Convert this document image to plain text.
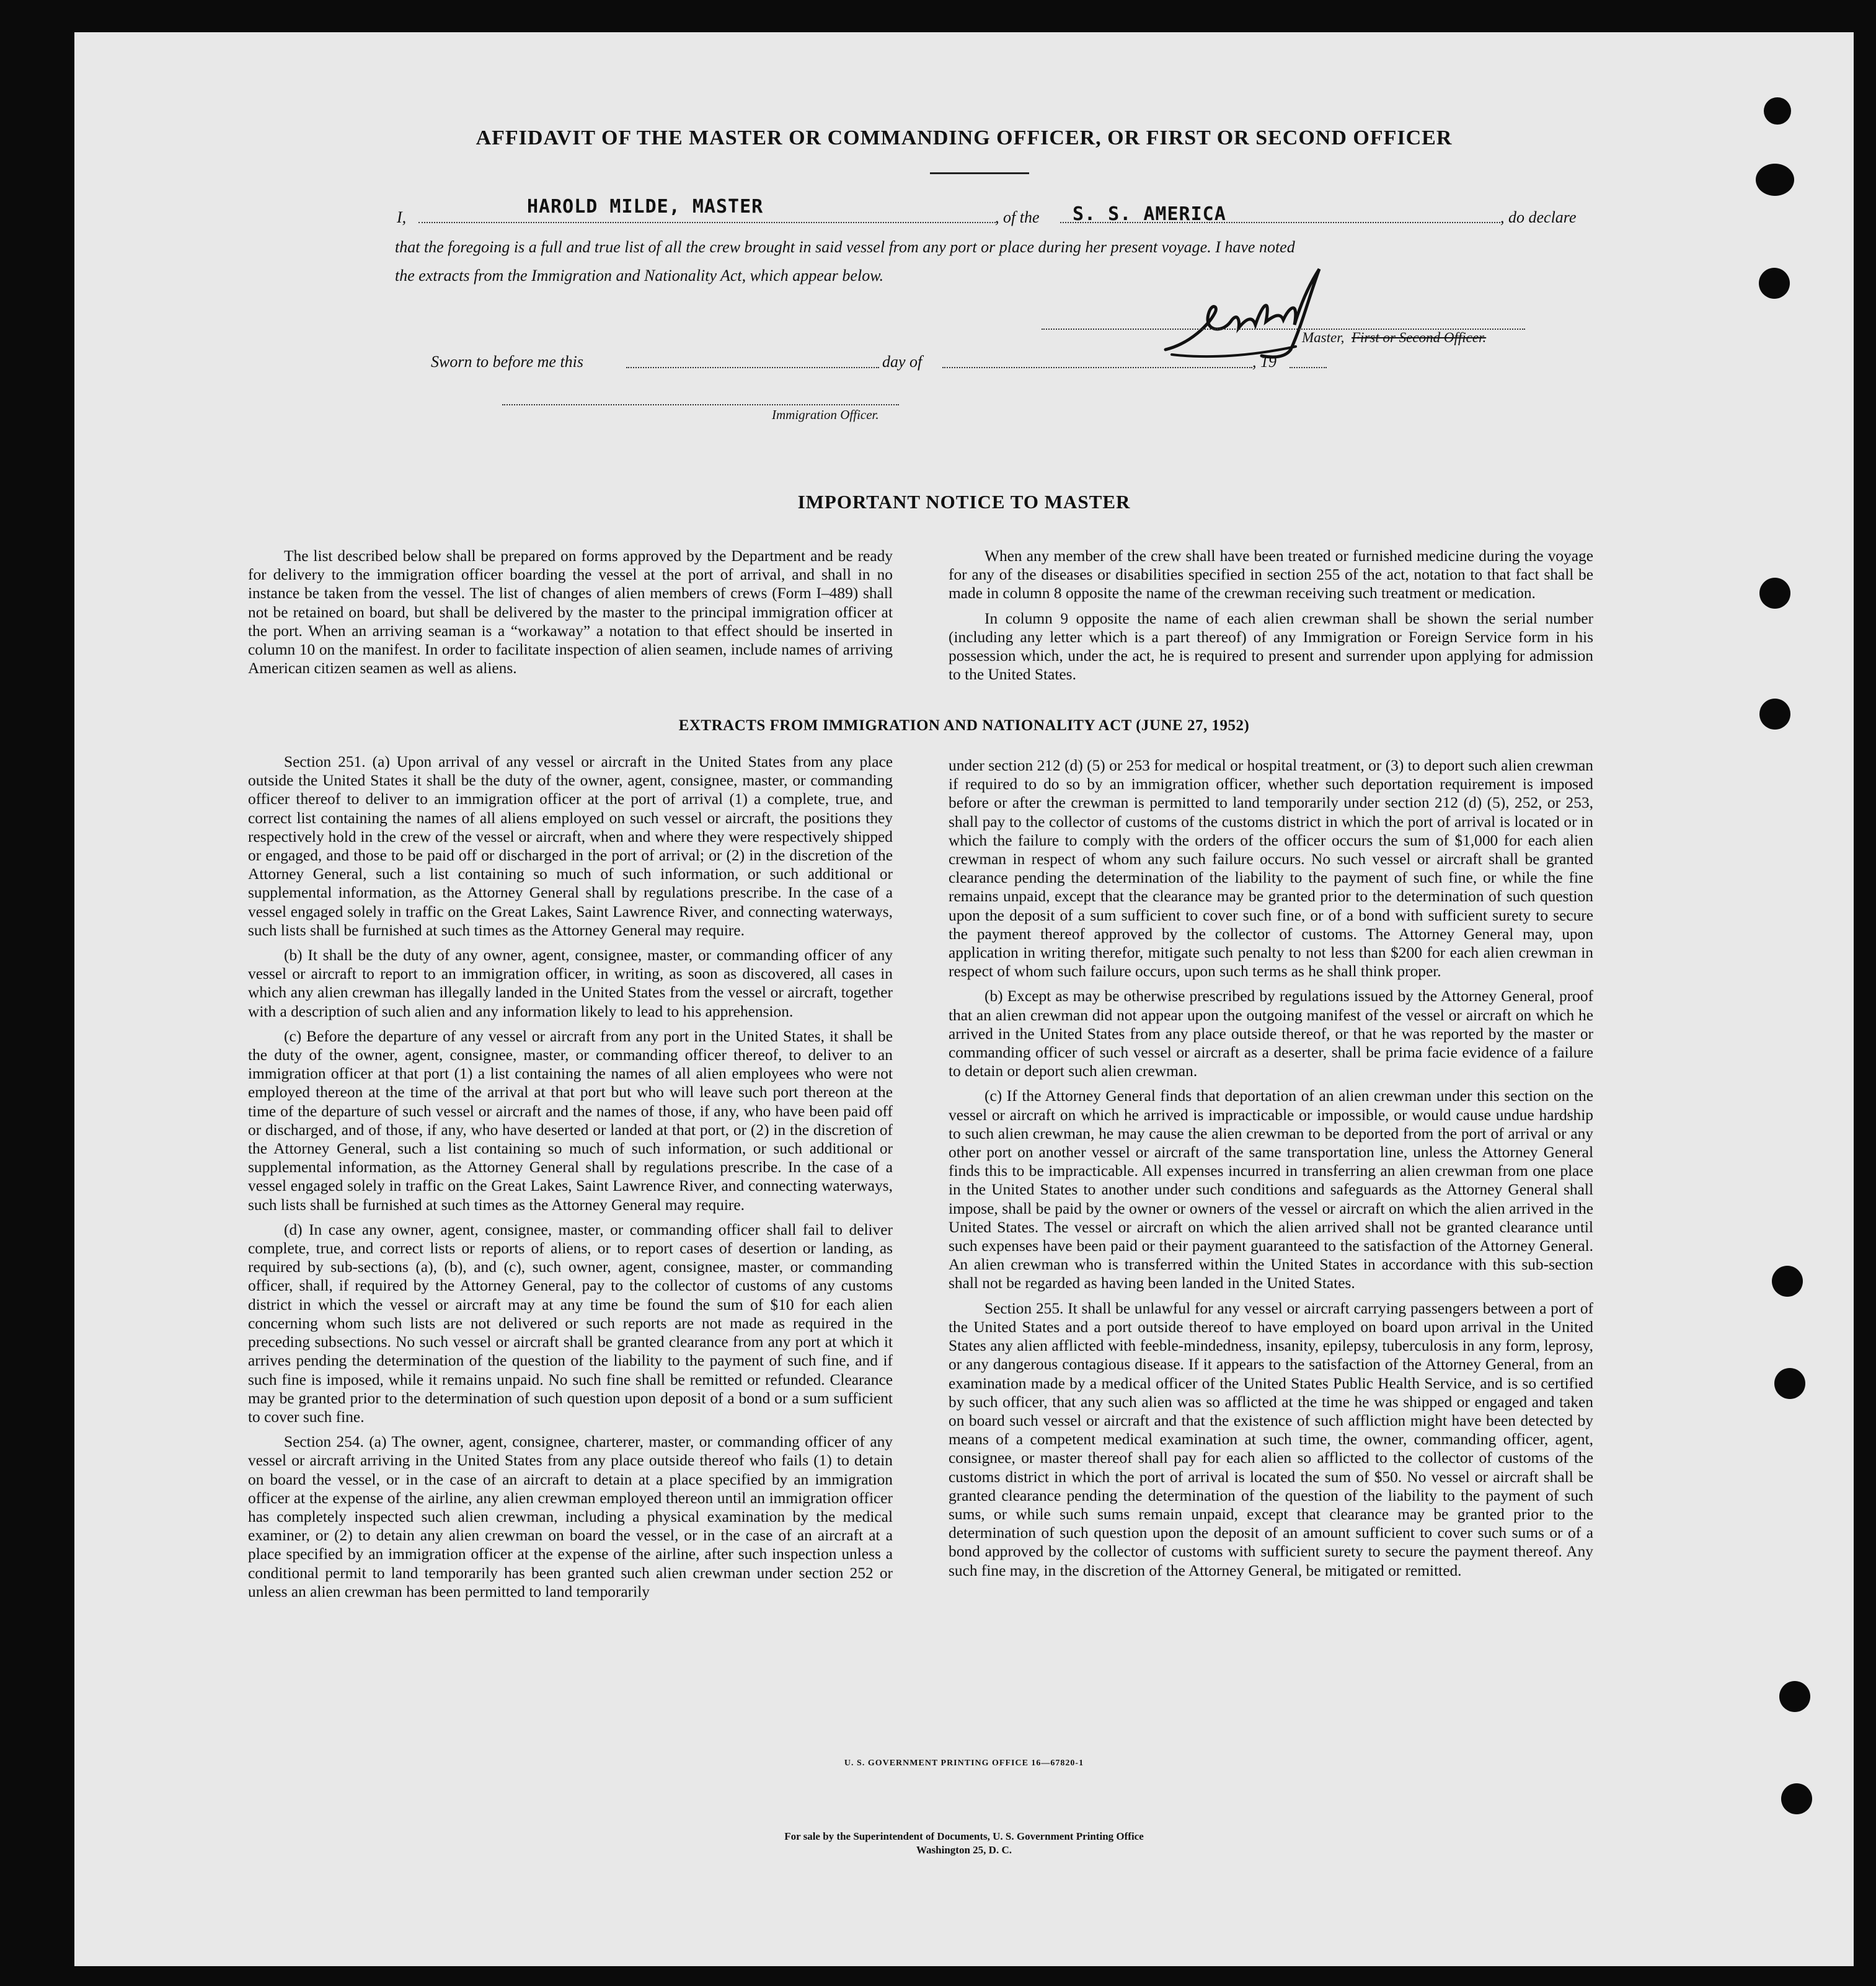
AFFIDAVIT OF THE MASTER OR COMMANDING OFFICER, OR FIRST OR SECOND OFFICER
I,	HAROLD MILDE, MASTER	, of the S. S. AMERICA	, do declare
that the foregoing is a full and true list of all the crew brought in said vessel from any port or place during her present voyage. I have noted
the extracts from the Immigration and Nationality Act, which appear below.
Master, First or Second Officer.
Sworn to before me this	day of	, 19
Immigration Officer.
IMPORTANT NOTICE TO MASTER

The list described below shall be prepared on forms approved by the Department and be ready for delivery to the immigration officer boarding the vessel at the port of arrival, and shall in no instance be taken from the vessel. The list of changes of alien members of crews (Form I–489) shall not be retained on board, but shall be delivered by the master to the principal immigration officer at the port. When an arriving seaman is a “workaway” a notation to that effect should be inserted in column 10 on the manifest. In order to facilitate inspection of alien seamen, include names of arriving American citizen seamen as well as aliens.

When any member of the crew shall have been treated or furnished medicine during the voyage for any of the diseases or disabilities specified in section 255 of the act, notation to that fact shall be made in column 8 opposite the name of the crewman receiving such treatment or medication.

In column 9 opposite the name of each alien crewman shall be shown the serial number (including any letter which is a part thereof) of any Immigration or Foreign Service form in his possession which, under the act, he is required to present and surrender upon applying for admission to the United States.

EXTRACTS FROM IMMIGRATION AND NATIONALITY ACT (JUNE 27, 1952)

Section 251. (a) Upon arrival of any vessel or aircraft in the United States from any place outside the United States it shall be the duty of the owner, agent, consignee, master, or commanding officer thereof to deliver to an immigration officer at the port of arrival (1) a complete, true, and correct list containing the names of all aliens employed on such vessel or aircraft, the positions they respectively hold in the crew of the vessel or aircraft, when and where they were respectively shipped or engaged, and those to be paid off or discharged in the port of arrival; or (2) in the discretion of the Attorney General, such a list containing so much of such information, or such additional or supplemental information, as the Attorney General shall by regulations prescribe. In the case of a vessel engaged solely in traffic on the Great Lakes, Saint Lawrence River, and connecting waterways, such lists shall be furnished at such times as the Attorney General may require.

(b) It shall be the duty of any owner, agent, consignee, master, or commanding officer of any vessel or aircraft to report to an immigration officer, in writing, as soon as discovered, all cases in which any alien crewman has illegally landed in the United States from the vessel or aircraft, together with a description of such alien and any information likely to lead to his apprehension.

(c) Before the departure of any vessel or aircraft from any port in the United States, it shall be the duty of the owner, agent, consignee, master, or commanding officer thereof, to deliver to an immigration officer at that port (1) a list containing the names of all alien employees who were not employed thereon at the time of the arrival at that port but who will leave such port thereon at the time of the departure of such vessel or aircraft and the names of those, if any, who have been paid off or discharged, and of those, if any, who have deserted or landed at that port, or (2) in the discretion of the Attorney General, such a list containing so much of such information, or such additional or supplemental information, as the Attorney General shall by regulations prescribe. In the case of a vessel engaged solely in traffic on the Great Lakes, Saint Lawrence River, and connecting waterways, such lists shall be furnished at such times as the Attorney General may require.

(d) In case any owner, agent, consignee, master, or commanding officer shall fail to deliver complete, true, and correct lists or reports of aliens, or to report cases of desertion or landing, as required by sub-sections (a), (b), and (c), such owner, agent, consignee, master, or commanding officer, shall, if required by the Attorney General, pay to the collector of customs of any customs district in which the vessel or aircraft may at any time be found the sum of $10 for each alien concerning whom such lists are not delivered or such reports are not made as required in the preceding subsections. No such vessel or aircraft shall be granted clearance from any port at which it arrives pending the determination of the question of the liability to the payment of such fine, and if such fine is imposed, while it remains unpaid. No such fine shall be remitted or refunded. Clearance may be granted prior to the determination of such question upon deposit of a bond or a sum sufficient to cover such fine.

Section 254. (a) The owner, agent, consignee, charterer, master, or commanding officer of any vessel or aircraft arriving in the United States from any place outside thereof who fails (1) to detain on board the vessel, or in the case of an aircraft to detain at a place specified by an immigration officer at the expense of the airline, any alien crewman employed thereon until an immigration officer has completely inspected such alien crewman, including a physical examination by the medical examiner, or (2) to detain any alien crewman on board the vessel, or in the case of an aircraft at a place specified by an immigration officer at the expense of the airline, after such inspection unless a conditional permit to land temporarily has been granted such alien crewman under section 252 or unless an alien crewman has been permitted to land temporarily

under section 212 (d) (5) or 253 for medical or hospital treatment, or (3) to deport such alien crewman if required to do so by an immigration officer, whether such deportation requirement is imposed before or after the crewman is permitted to land temporarily under section 212 (d) (5), 252, or 253, shall pay to the collector of customs of the customs district in which the port of arrival is located or in which the failure to comply with the orders of the officer occurs the sum of $1,000 for each alien crewman in respect of whom any such failure occurs. No such vessel or aircraft shall be granted clearance pending the determination of the liability to the payment of such fine, or while the fine remains unpaid, except that the clearance may be granted prior to the determination of such question upon the deposit of a sum sufficient to cover such fine, or of a bond with sufficient surety to secure the payment thereof approved by the collector of customs. The Attorney General may, upon application in writing therefor, mitigate such penalty to not less than $200 for each alien crewman in respect of whom such failure occurs, upon such terms as he shall think proper.

(b) Except as may be otherwise prescribed by regulations issued by the Attorney General, proof that an alien crewman did not appear upon the outgoing manifest of the vessel or aircraft on which he arrived in the United States from any place outside thereof, or that he was reported by the master or commanding officer of such vessel or aircraft as a deserter, shall be prima facie evidence of a failure to detain or deport such alien crewman.

(c) If the Attorney General finds that deportation of an alien crewman under this section on the vessel or aircraft on which he arrived is impracticable or impossible, or would cause undue hardship to such alien crewman, he may cause the alien crewman to be deported from the port of arrival or any other port on another vessel or aircraft of the same transportation line, unless the Attorney General finds this to be impracticable. All expenses incurred in transferring an alien crewman from one place in the United States to another under such conditions and safeguards as the Attorney General shall impose, shall be paid by the owner or owners of the vessel or aircraft on which the alien arrived in the United States. The vessel or aircraft on which the alien arrived shall not be granted clearance until such expenses have been paid or their payment guaranteed to the satisfaction of the Attorney General. An alien crewman who is transferred within the United States in accordance with this sub-section shall not be regarded as having been landed in the United States.

Section 255. It shall be unlawful for any vessel or aircraft carrying passengers between a port of the United States and a port outside thereof to have employed on board upon arrival in the United States any alien afflicted with feeble-mindedness, insanity, epilepsy, tuberculosis in any form, leprosy, or any dangerous contagious disease. If it appears to the satisfaction of the Attorney General, from an examination made by a medical officer of the United States Public Health Service, and is so certified by such officer, that any such alien was so afflicted at the time he was shipped or engaged and taken on board such vessel or aircraft and that the existence of such affliction might have been detected by means of a competent medical examination at such time, the owner, commanding officer, agent, consignee, or master thereof shall pay for each alien so afflicted to the collector of customs of the customs district in which the port of arrival is located the sum of $50. No vessel or aircraft shall be granted clearance pending the determination of the question of the liability to the payment of such sums, or while such sums remain unpaid, except that clearance may be granted prior to the determination of such question upon the deposit of an amount sufficient to cover such sums or of a bond approved by the collector of customs with sufficient surety to secure the payment thereof. Any such fine may, in the discretion of the Attorney General, be mitigated or remitted.

U. S. GOVERNMENT PRINTING OFFICE 16—67820-1
For sale by the Superintendent of Documents, U. S. Government Printing Office
Washington 25, D. C.
